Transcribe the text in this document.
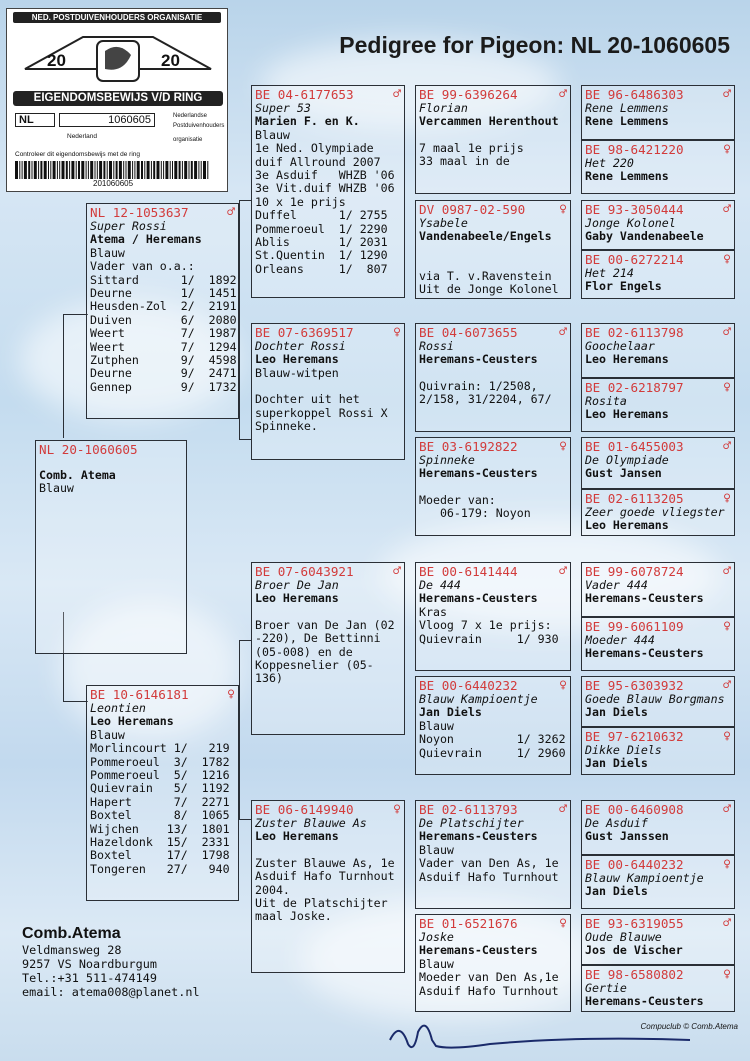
Pedigree for Pigeon: NL 20-1060605
NED. POSTDUIVENHOUDERS ORGANISATIE
20	20
EIGENDOMSBEWIJS V/D RING
NL	1060605
Nederland
Nederlandse
Postduivenhouders
organisatie
Controleer dit eigendomsbewijs met de ring
201060605
NL 20-1060605
Comb. Atema
Blauw
NL 12-1053637	♂
Super Rossi
Atema / Heremans
Blauw
Vader van o.a.:
Sittard      1/  1892
Deurne       1/  1451
Heusden-Zol  2/  2191
Duiven       6/  2080
Weert        7/  1987
Weert        7/  1294
Zutphen      9/  4598
Deurne       9/  2471
Gennep       9/  1732
BE 10-6146181	♀
Leontien
Leo Heremans
Blauw
Morlincourt 1/   219
Pommeroeul  3/  1782
Pommeroeul  5/  1216
Quievrain   5/  1192
Hapert      7/  2271
Boxtel      8/  1065
Wijchen    13/  1801
Hazeldonk  15/  2331
Boxtel     17/  1798
Tongeren   27/   940
BE 04-6177653	♂
Super 53
Marien F. en K.
Blauw
1e Ned. Olympiade
duif Allround 2007
3e Asduif   WHZB '06
3e Vit.duif WHZB '06
10 x 1e prijs
Duffel      1/ 2755
Pommeroeul  1/ 2290
Ablis       1/ 2031
St.Quentin  1/ 1290
Orleans     1/  807
BE 07-6369517	♀
Dochter Rossi
Leo Heremans
Blauw-witpen
Dochter uit het
superkoppel Rossi X
Spinneke.
BE 07-6043921	♂
Broer De Jan
Leo Heremans
Broer van De Jan (02
-220), De Bettinni
(05-008) en de
Koppesnelier (05-
136)
BE 06-6149940	♀
Zuster Blauwe As
Leo Heremans
Zuster Blauwe As, 1e
Asduif Hafo Turnhout
2004.
Uit de Platschijter
maal Joske.
BE 99-6396264	♂
Florian
Vercammen Herenthout
7 maal 1e prijs
33 maal in de
DV 0987-02-590	♀
Ysabele
Vandenabeele/Engels
via T. v.Ravenstein
Uit de Jonge Kolonel
BE 04-6073655	♂
Rossi
Heremans-Ceusters
Quivrain: 1/2508,
2/158, 31/2204, 67/
BE 03-6192822	♀
Spinneke
Heremans-Ceusters
Moeder van:
06-179: Noyon
BE 00-6141444	♂
De 444
Heremans-Ceusters
Kras
Vloog 7 x 1e prijs:
Quievrain     1/ 930
BE 00-6440232	♀
Blauw Kampioentje
Jan Diels
Blauw
Noyon         1/ 3262
Quievrain     1/ 2960
BE 02-6113793	♂
De Platschijter
Heremans-Ceusters
Blauw
Vader van Den As, 1e
Asduif Hafo Turnhout
BE 01-6521676	♀
Joske
Heremans-Ceusters
Blauw
Moeder van Den As,1e
Asduif Hafo Turnhout
BE 96-6486303	♂
Rene Lemmens
Rene Lemmens
BE 98-6421220	♀
Het 220
Rene Lemmens
BE 93-3050444	♂
Jonge Kolonel
Gaby Vandenabeele
BE 00-6272214	♀
Het 214
Flor Engels
BE 02-6113798	♂
Goochelaar
Leo Heremans
BE 02-6218797	♀
Rosita
Leo Heremans
BE 01-6455003	♂
De Olympiade
Gust Jansen
BE 02-6113205	♀
Zeer goede vliegster
Leo Heremans
BE 99-6078724	♂
Vader 444
Heremans-Ceusters
BE 99-6061109	♀
Moeder 444
Heremans-Ceusters
BE 95-6303932	♂
Goede Blauw Borgmans
Jan Diels
BE 97-6210632	♀
Dikke Diels
Jan Diels
BE 00-6460908	♂
De Asduif
Gust Janssen
BE 00-6440232	♀
Blauw Kampioentje
Jan Diels
BE 93-6319055	♂
Oude Blauwe
Jos de Vischer
BE 98-6580802	♀
Gertie
Heremans-Ceusters
Comb.Atema
Veldmansweg 28
9257 VS Noardburgum
Tel.:+31 511-474149
email: atema008@planet.nl
Compuclub © Comb.Atema
